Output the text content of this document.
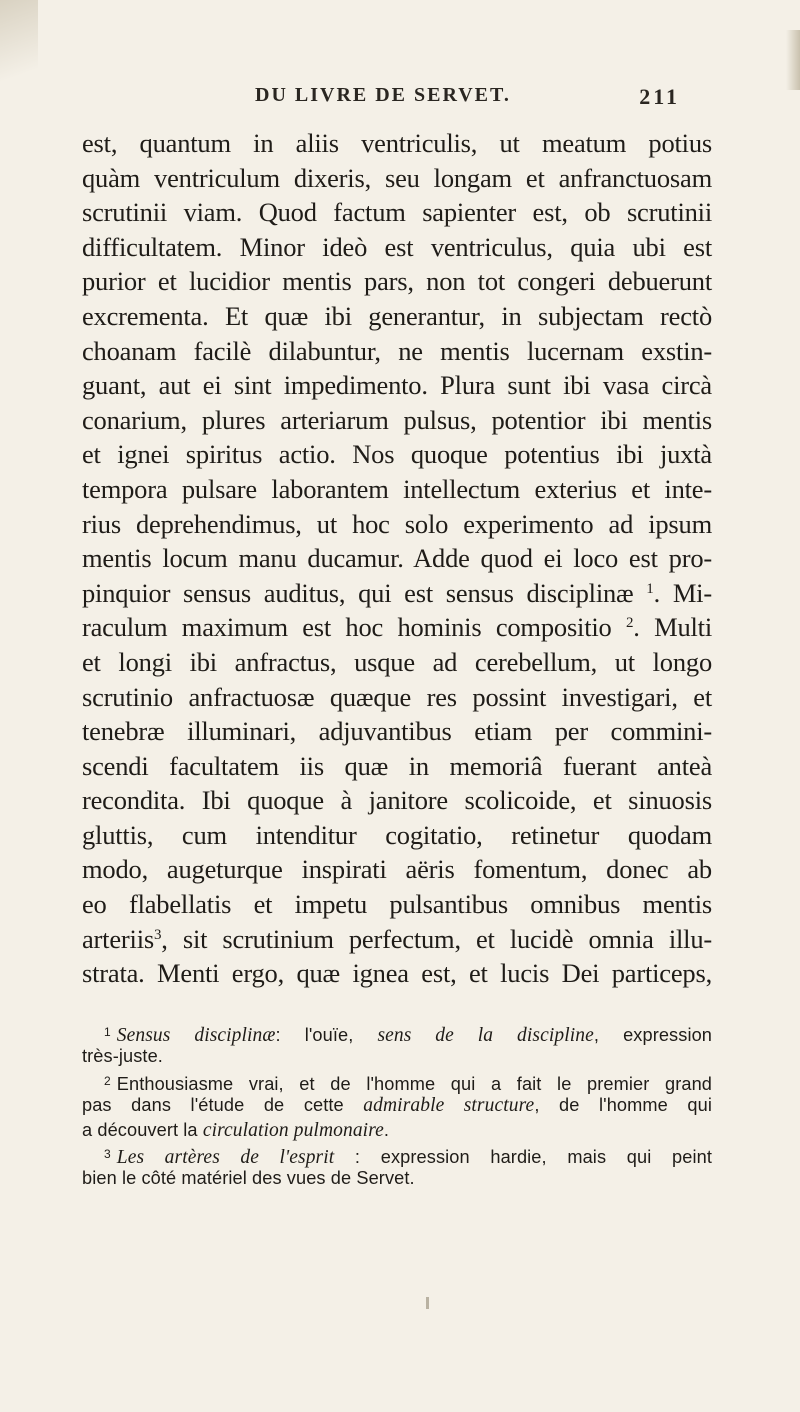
DU LIVRE DE SERVET.	211
est, quantum in aliis ventriculis, ut meatum potius
quàm ventriculum dixeris, seu longam et anfranctuosam
scrutinii viam. Quod factum sapienter est, ob scrutinii
difficultatem. Minor ideò est ventriculus, quia ubi est
purior et lucidior mentis pars, non tot congeri debuerunt
excrementa. Et quæ ibi generantur, in subjectam rectò
choanam facilè dilabuntur, ne mentis lucernam exstin-
guant, aut ei sint impedimento. Plura sunt ibi vasa circà
conarium, plures arteriarum pulsus, potentior ibi mentis
et ignei spiritus actio. Nos quoque potentius ibi juxtà
tempora pulsare laborantem intellectum exterius et inte-
rius deprehendimus, ut hoc solo experimento ad ipsum
mentis locum manu ducamur. Adde quod ei loco est pro-
pinquior sensus auditus, qui est sensus disciplinæ $^1$. Mi-
raculum maximum est hoc hominis compositio $^2$. Multi
et longi ibi anfractus, usque ad cerebellum, ut longo
scrutinio anfractuosæ quæque res possint investigari, et
tenebræ illuminari, adjuvantibus etiam per commini-
scendi facultatem iis quæ in memoriâ fuerant anteà
recondita. Ibi quoque à janitore scolicoide, et sinuosis
gluttis, cum intenditur cogitatio, retinetur quodam
modo, augeturque inspirati aëris fomentum, donec ab
eo flabellatis et impetu pulsantibus omnibus mentis
arteriis$^3$, sit scrutinium perfectum, et lucidè omnia illu-
strata. Menti ergo, quæ ignea est, et lucis Dei particeps,
$^1$ Sensus disciplinæ: l'ouïe, sens de la discipline, expression
très-juste.
$^2$ Enthousiasme vrai, et de l'homme qui a fait le premier grand
pas dans l'étude de cette admirable structure, de l'homme qui
a découvert la circulation pulmonaire.
$^3$ Les artères de l'esprit : expression hardie, mais qui peint
bien le côté matériel des vues de Servet.
